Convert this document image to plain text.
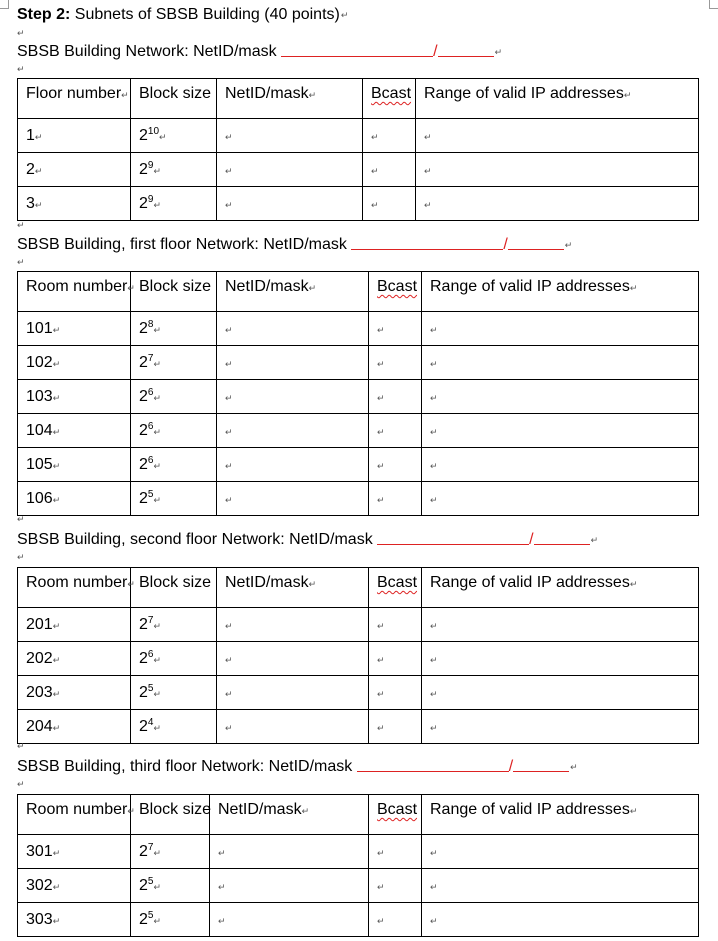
Step 2: Subnets of SBSB Building (40 points)↵
↵
SBSB Building Network: NetID/mask	/	↵
↵
Floor number↵	Block size	NetID/mask↵	Bcast	Range of valid IP addresses↵
1↵	$2^{10}↵$	↵	↵	↵
2↵	$2^9↵$	↵	↵	↵
3↵	$2^9↵$	↵	↵	↵
↵
SBSB Building, first floor Network: NetID/mask	/	↵
↵
Room number↵	Block size	NetID/mask↵	Bcast	Range of valid IP addresses↵
101↵	$2^8↵$	↵	↵	↵
102↵	$2^7↵$	↵	↵	↵
103↵	$2^6↵$	↵	↵	↵
104↵	$2^6↵$	↵	↵	↵
105↵	$2^6↵$	↵	↵	↵
106↵	$2^5↵$	↵	↵	↵
↵
SBSB Building, second floor Network: NetID/mask	/	↵
↵
Room number↵	Block size	NetID/mask↵	Bcast	Range of valid IP addresses↵
201↵	$2^7↵$	↵	↵	↵
202↵	$2^6↵$	↵	↵	↵
203↵	$2^5↵$	↵	↵	↵
204↵	$2^4↵$	↵	↵	↵
↵
SBSB Building, third floor Network: NetID/mask	/	↵
↵
Room number↵	Block size	NetID/mask↵	Bcast	Range of valid IP addresses↵
301↵	$2^7↵$	↵	↵	↵
302↵	$2^5↵$	↵	↵	↵
303↵	$2^5↵$	↵	↵	↵
